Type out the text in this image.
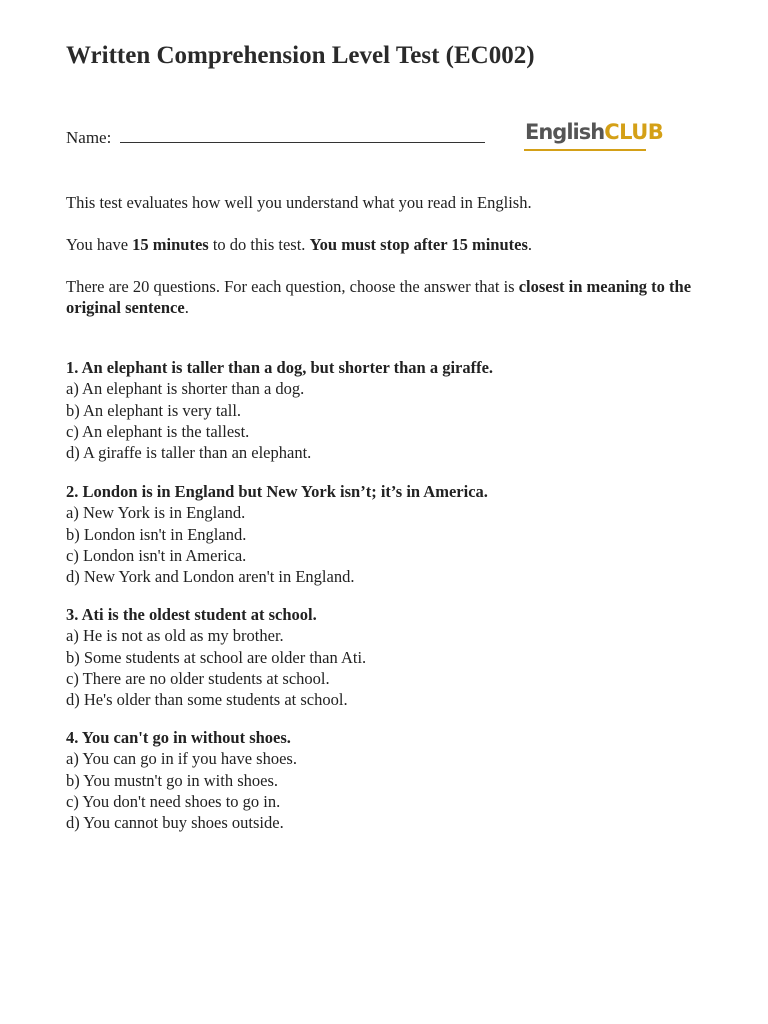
Written Comprehension Level Test (EC002)
Name:	EnglishCLUB

This test evaluates how well you understand what you read in English.

You have 15 minutes to do this test. You must stop after 15 minutes.

There are 20 questions. For each question, choose the answer that is closest in meaning to the original sentence.

1. An elephant is taller than a dog, but shorter than a giraffe.

a) An elephant is shorter than a dog.

b) An elephant is very tall.

c) An elephant is the tallest.

d) A giraffe is taller than an elephant.

2. London is in England but New York isn’t; it’s in America.

a) New York is in England.

b) London isn't in England.

c) London isn't in America.

d) New York and London aren't in England.

3. Ati is the oldest student at school.

a) He is not as old as my brother.

b) Some students at school are older than Ati.

c) There are no older students at school.

d) He's older than some students at school.

4. You can't go in without shoes.

a) You can go in if you have shoes.

b) You mustn't go in with shoes.

c) You don't need shoes to go in.

d) You cannot buy shoes outside.
